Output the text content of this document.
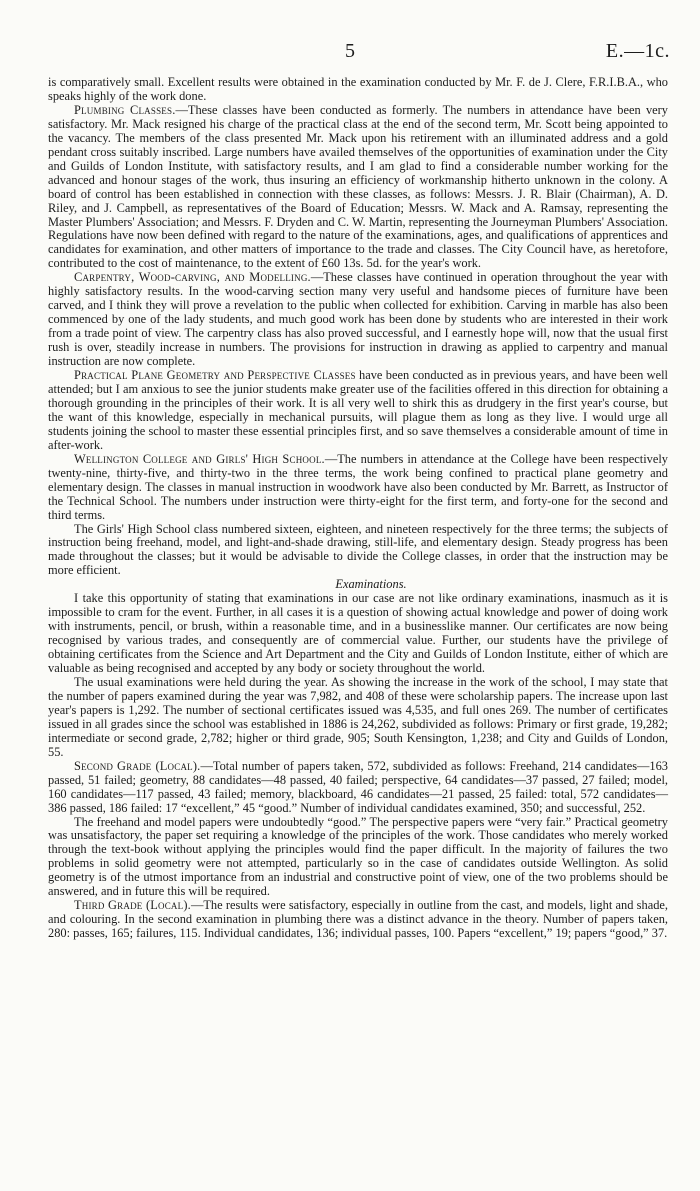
5	E.—1c.

is comparatively small. Excellent results were obtained in the examination conducted by Mr. F. de J. Clere, F.R.I.B.A., who speaks highly of the work done.

Plumbing Classes.—These classes have been conducted as formerly. The numbers in attendance have been very satisfactory. Mr. Mack resigned his charge of the practical class at the end of the second term, Mr. Scott being appointed to the vacancy. The members of the class presented Mr. Mack upon his retirement with an illuminated address and a gold pendant cross suitably inscribed. Large numbers have availed themselves of the opportunities of examination under the City and Guilds of London Institute, with satisfactory results, and I am glad to find a considerable number working for the advanced and honour stages of the work, thus insuring an efficiency of workmanship hitherto unknown in the colony. A board of control has been established in connection with these classes, as follows: Messrs. J. R. Blair (Chairman), A. D. Riley, and J. Campbell, as representatives of the Board of Education; Messrs. W. Mack and A. Ramsay, representing the Master Plumbers' Association; and Messrs. F. Dryden and C. W. Martin, representing the Journeyman Plumbers' Association. Regulations have now been defined with regard to the nature of the examinations, ages, and qualifications of apprentices and candidates for examination, and other matters of importance to the trade and classes. The City Council have, as heretofore, contributed to the cost of maintenance, to the extent of £60 13s. 5d. for the year's work.

Carpentry, Wood-carving, and Modelling.—These classes have continued in operation throughout the year with highly satisfactory results. In the wood-carving section many very useful and handsome pieces of furniture have been carved, and I think they will prove a revelation to the public when collected for exhibition. Carving in marble has also been commenced by one of the lady students, and much good work has been done by students who are interested in their work from a trade point of view. The carpentry class has also proved successful, and I earnestly hope will, now that the usual first rush is over, steadily increase in numbers. The provisions for instruction in drawing as applied to carpentry and manual instruction are now complete.

Practical Plane Geometry and Perspective Classes have been conducted as in previous years, and have been well attended; but I am anxious to see the junior students make greater use of the facilities offered in this direction for obtaining a thorough grounding in the principles of their work. It is all very well to shirk this as drudgery in the first year's course, but the want of this knowledge, especially in mechanical pursuits, will plague them as long as they live. I would urge all students joining the school to master these essential principles first, and so save themselves a considerable amount of time in after-work.

Wellington College and Girls' High School.—The numbers in attendance at the College have been respectively twenty-nine, thirty-five, and thirty-two in the three terms, the work being confined to practical plane geometry and elementary design. The classes in manual instruction in woodwork have also been conducted by Mr. Barrett, as Instructor of the Technical School. The numbers under instruction were thirty-eight for the first term, and forty-one for the second and third terms.

The Girls' High School class numbered sixteen, eighteen, and nineteen respectively for the three terms; the subjects of instruction being freehand, model, and light-and-shade drawing, still-life, and elementary design. Steady progress has been made throughout the classes; but it would be advisable to divide the College classes, in order that the instruction may be more efficient.

Examinations.

I take this opportunity of stating that examinations in our case are not like ordinary examinations, inasmuch as it is impossible to cram for the event. Further, in all cases it is a question of showing actual knowledge and power of doing work with instruments, pencil, or brush, within a reasonable time, and in a businesslike manner. Our certificates are now being recognised by various trades, and consequently are of commercial value. Further, our students have the privilege of obtaining certificates from the Science and Art Department and the City and Guilds of London Institute, either of which are valuable as being recognised and accepted by any body or society throughout the world.

The usual examinations were held during the year. As showing the increase in the work of the school, I may state that the number of papers examined during the year was 7,982, and 408 of these were scholarship papers. The increase upon last year's papers is 1,292. The number of sectional certificates issued was 4,535, and full ones 269. The number of certificates issued in all grades since the school was established in 1886 is 24,262, subdivided as follows: Primary or first grade, 19,282; intermediate or second grade, 2,782; higher or third grade, 905; South Kensington, 1,238; and City and Guilds of London, 55.

Second Grade (Local).—Total number of papers taken, 572, subdivided as follows: Freehand, 214 candidates—163 passed, 51 failed; geometry, 88 candidates—48 passed, 40 failed; perspective, 64 candidates—37 passed, 27 failed; model, 160 candidates—117 passed, 43 failed; memory, blackboard, 46 candidates—21 passed, 25 failed: total, 572 candidates—386 passed, 186 failed: 17 “excellent,” 45 “good.” Number of individual candidates examined, 350; and successful, 252.

The freehand and model papers were undoubtedly “good.” The perspective papers were “very fair.” Practical geometry was unsatisfactory, the paper set requiring a knowledge of the principles of the work. Those candidates who merely worked through the text-book without applying the principles would find the paper difficult. In the majority of failures the two problems in solid geometry were not attempted, particularly so in the case of candidates outside Wellington. As solid geometry is of the utmost importance from an industrial and constructive point of view, one of the two problems should be answered, and in future this will be required.

Third Grade (Local).—The results were satisfactory, especially in outline from the cast, and models, light and shade, and colouring. In the second examination in plumbing there was a distinct advance in the theory. Number of papers taken, 280: passes, 165; failures, 115. Individual candidates, 136; individual passes, 100. Papers “excellent,” 19; papers “good,” 37.
